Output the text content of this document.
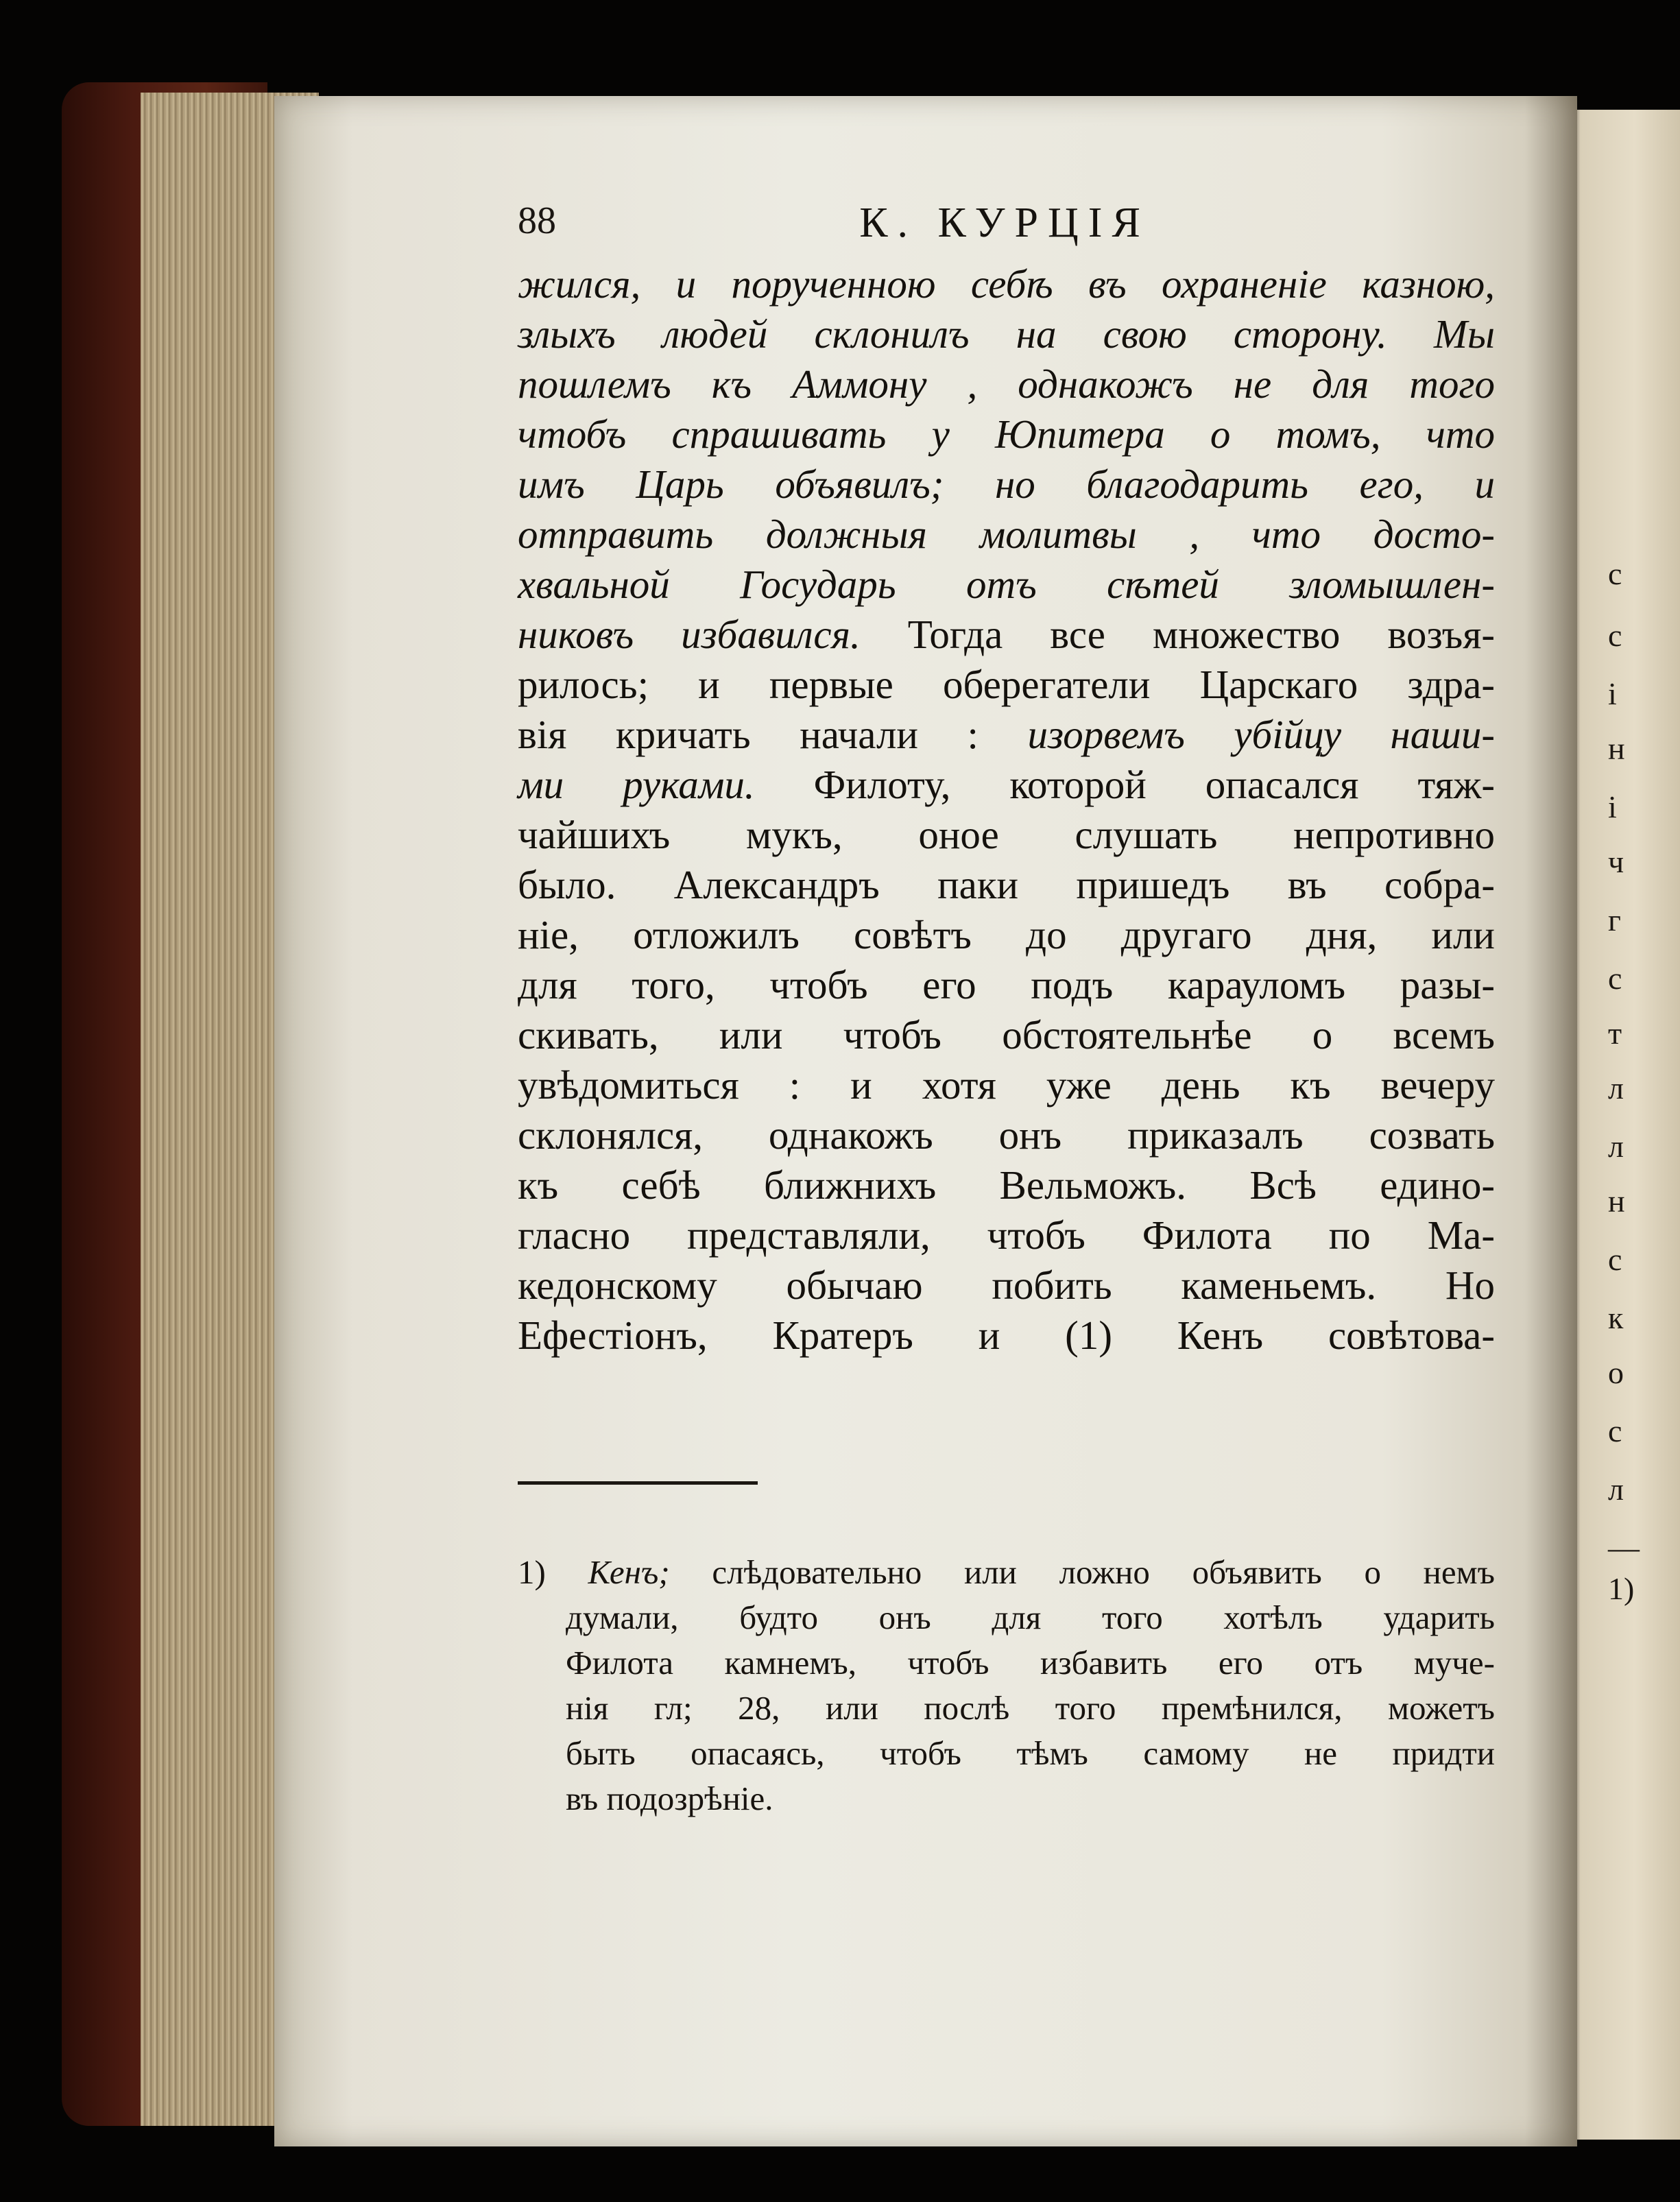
с
с
і
н
і
ч
г
с
т
л
л
н
с
к
о
с
л
—
1)
88	К. КУРЦІЯ
жился, и порученною себѣ въ охраненіе казною,
злыхъ людей склонилъ на свою сторону. Мы
пошлемъ къ Аммону , однакожъ не для того
чтобъ спрашивать у Юпитера о томъ, что
имъ Царь объявилъ; но благодарить его, и
отправить должныя молитвы , что досто-
хвальной Государь отъ сѣтей зломышлен-
никовъ избавился. Тогда все множество возъя-
рилось; и первые оберегатели Царскаго здра-
вія кричать начали : изорвемъ убійцу наши-
ми руками. Филоту, которой опасался тяж-
чайшихъ мукъ, оное слушать непротивно
было. Александръ паки пришедъ въ собра-
ніе, отложилъ совѣтъ до другаго дня, или
для того, чтобъ его подъ карауломъ разы-
скивать, или чтобъ обстоятельнѣе о всемъ
увѣдомиться : и хотя уже день къ вечеру
склонялся, однакожъ онъ приказалъ созвать
къ себѣ ближнихъ Вельможъ. Всѣ едино-
гласно представляли, чтобъ Филота по Ма-
кедонскому обычаю побить каменьемъ. Но
Ефестіонъ, Кратеръ и (1) Кенъ совѣтова-
1) Кенъ; слѣдовательно или ложно объявить о немъ
думали, будто онъ для того хотѣлъ ударить
Филота камнемъ, чтобъ избавить его отъ муче-
нія гл; 28, или послѣ того премѣнился, можетъ
быть опасаясь, чтобъ тѣмъ самому не придти
въ подозрѣніе.
